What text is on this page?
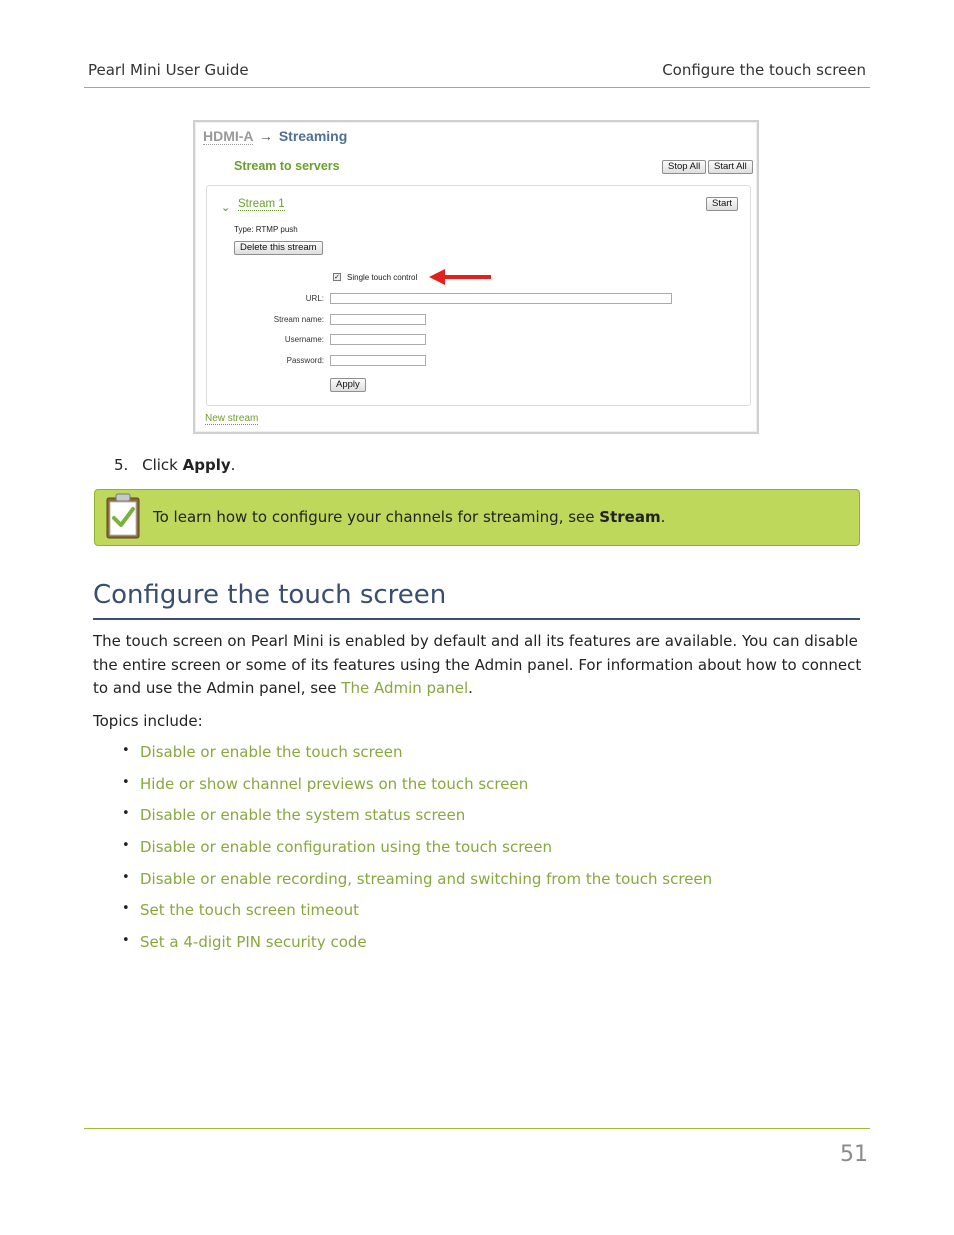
Pearl Mini User Guide	Configure the touch screen
HDMI-A → Streaming
Stream to servers	Stop All	Start All
⌄ Stream 1	Start
Type: RTMP push
Delete this stream
✓ Single touch control
URL:
Stream name:
Username:
Password:
Apply
New stream
5. Click Apply.
To learn how to configure your channels for streaming, see Stream.
Configure the touch screen
The touch screen on Pearl Mini is enabled by default and all its features are available. You can disable the entire screen or some of its features using the Admin panel. For information about how to connect to and use the Admin panel, see The Admin panel.
Topics include:
• Disable or enable the touch screen
• Hide or show channel previews on the touch screen
• Disable or enable the system status screen
• Disable or enable configuration using the touch screen
• Disable or enable recording, streaming and switching from the touch screen
• Set the touch screen timeout
• Set a 4-digit PIN security code
51
